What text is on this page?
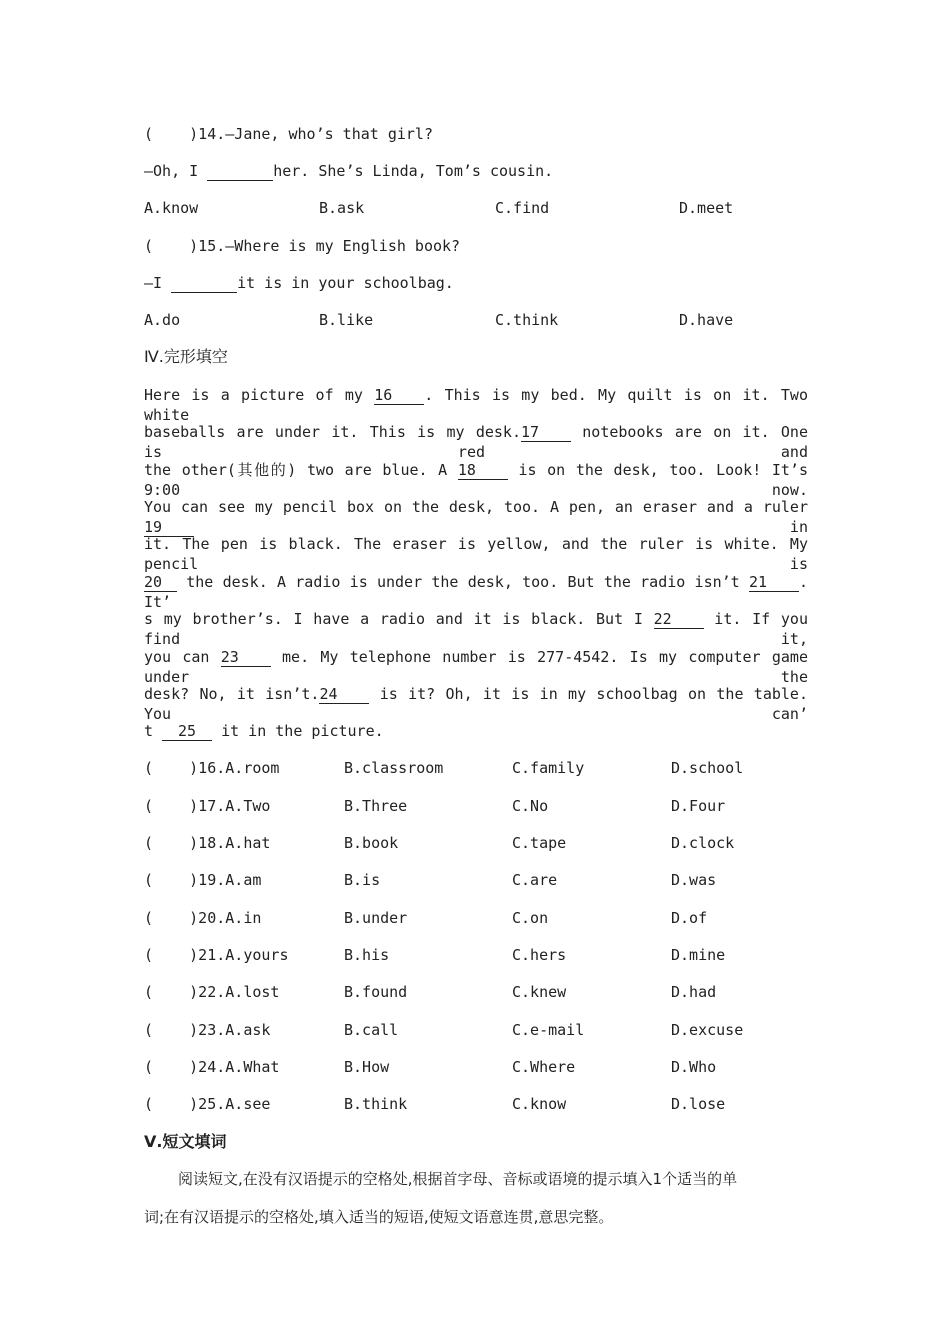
(    )14.—Jane, who’s that girl?
—Oh, I	her. She’s Linda, Tom’s cousin.
A.know	B.ask	C.find	D.meet
(    )15.—Where is my English book?
—I	it is in your schoolbag.
A.do	B.like	C.think	D.have
Ⅳ.完形填空
Here is a picture of my 16 . This is my bed. My quilt is on it. Two white
baseballs are under it. This is my desk.17 notebooks are on it. One is red and
the other(其他的) two are blue. A 18 is on the desk, too. Look! It’s 9:00 now.
You can see my pencil box on the desk, too. A pen, an eraser and a ruler 19 in
it. The pen is black. The eraser is yellow, and the ruler is white. My pencil is
20 the desk. A radio is under the desk, too. But the radio isn’t 21 . It’
s my brother’s. I have a radio and it is black. But I 22 it. If you find it,
you can 23 me. My telephone number is 277-4542. Is my computer game under the
desk? No, it isn’t.24 is it? Oh, it is in my schoolbag on the table. You can’
t 25 it in the picture.
(    )16.A.room	B.classroom	C.family	D.school
(    )17.A.Two	B.Three	C.No	D.Four
(    )18.A.hat	B.book	C.tape	D.clock
(    )19.A.am	B.is	C.are	D.was
(    )20.A.in	B.under	C.on	D.of
(    )21.A.yours	B.his	C.hers	D.mine
(    )22.A.lost	B.found	C.knew	D.had
(    )23.A.ask	B.call	C.e-mail	D.excuse
(    )24.A.What	B.How	C.Where	D.Who
(    )25.A.see	B.think	C.know	D.lose
Ⅴ.短文填词
阅读短文,在没有汉语提示的空格处,根据首字母、音标或语境的提示填入1个适当的单
词;在有汉语提示的空格处,填入适当的短语,使短文语意连贯,意思完整。
